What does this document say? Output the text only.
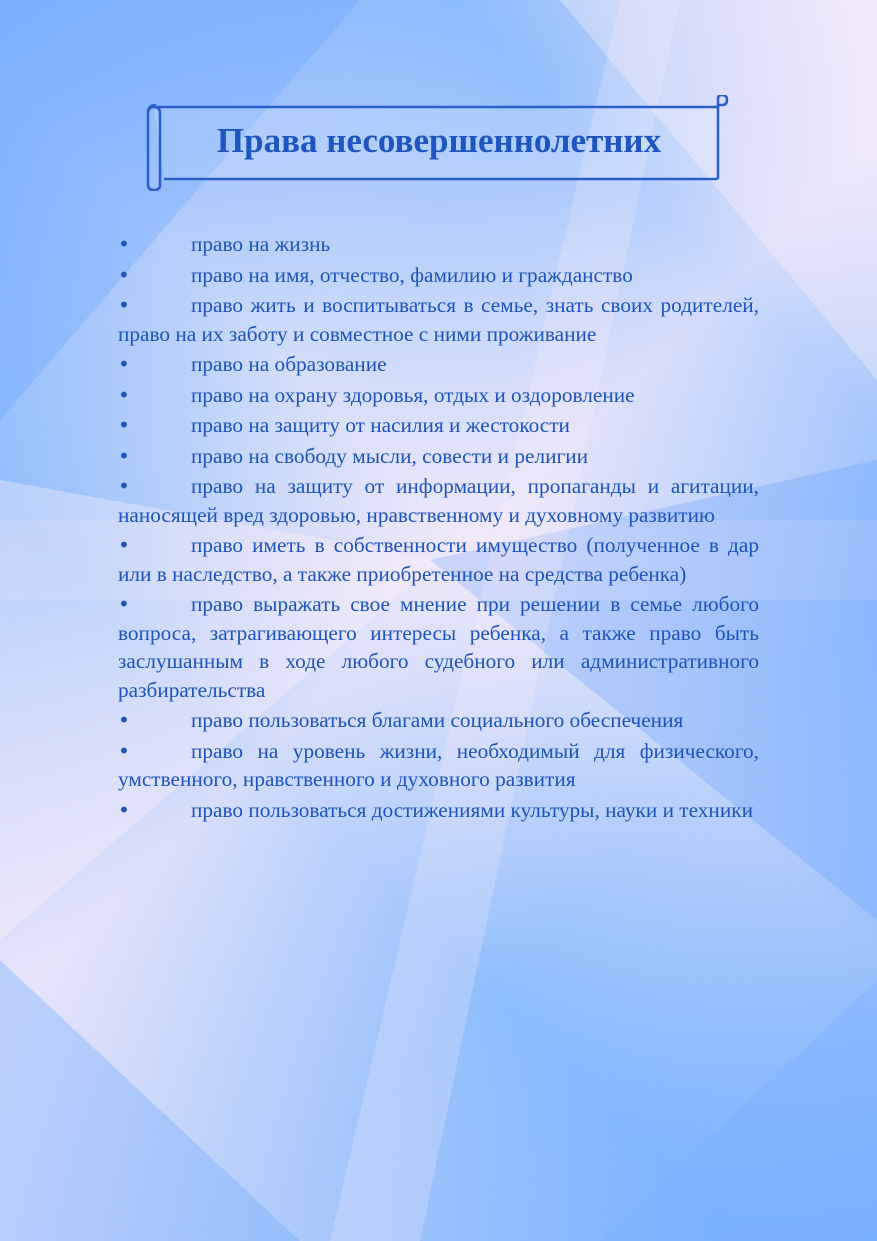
Права несовершеннолетних
•	право на жизнь
•	право на имя, отчество, фамилию и гражданство
•	право жить и воспитываться в семье, знать своих родителей, право на их заботу и совместное с ними проживание
•	право на образование
•	право на охрану здоровья, отдых и оздоровление
•	право на защиту от насилия и жестокости
•	право на свободу мысли, совести и религии
•	право на защиту от информации, пропаганды и агитации, наносящей вред здоровью, нравственному и духовному развитию
•	право иметь в собственности имущество (полученное в дар или в наследство, а также приобретенное на средства ребенка)
•	право выражать свое мнение при решении в семье любого вопроса, затрагивающего интересы ребенка, а также право быть заслушанным в ходе любого судебного или административного разбирательства
•	право пользоваться благами социального обеспечения
•	право на уровень жизни, необходимый для физического, умственного, нравственного и духовного развития
•	право пользоваться достижениями культуры, науки и техники
